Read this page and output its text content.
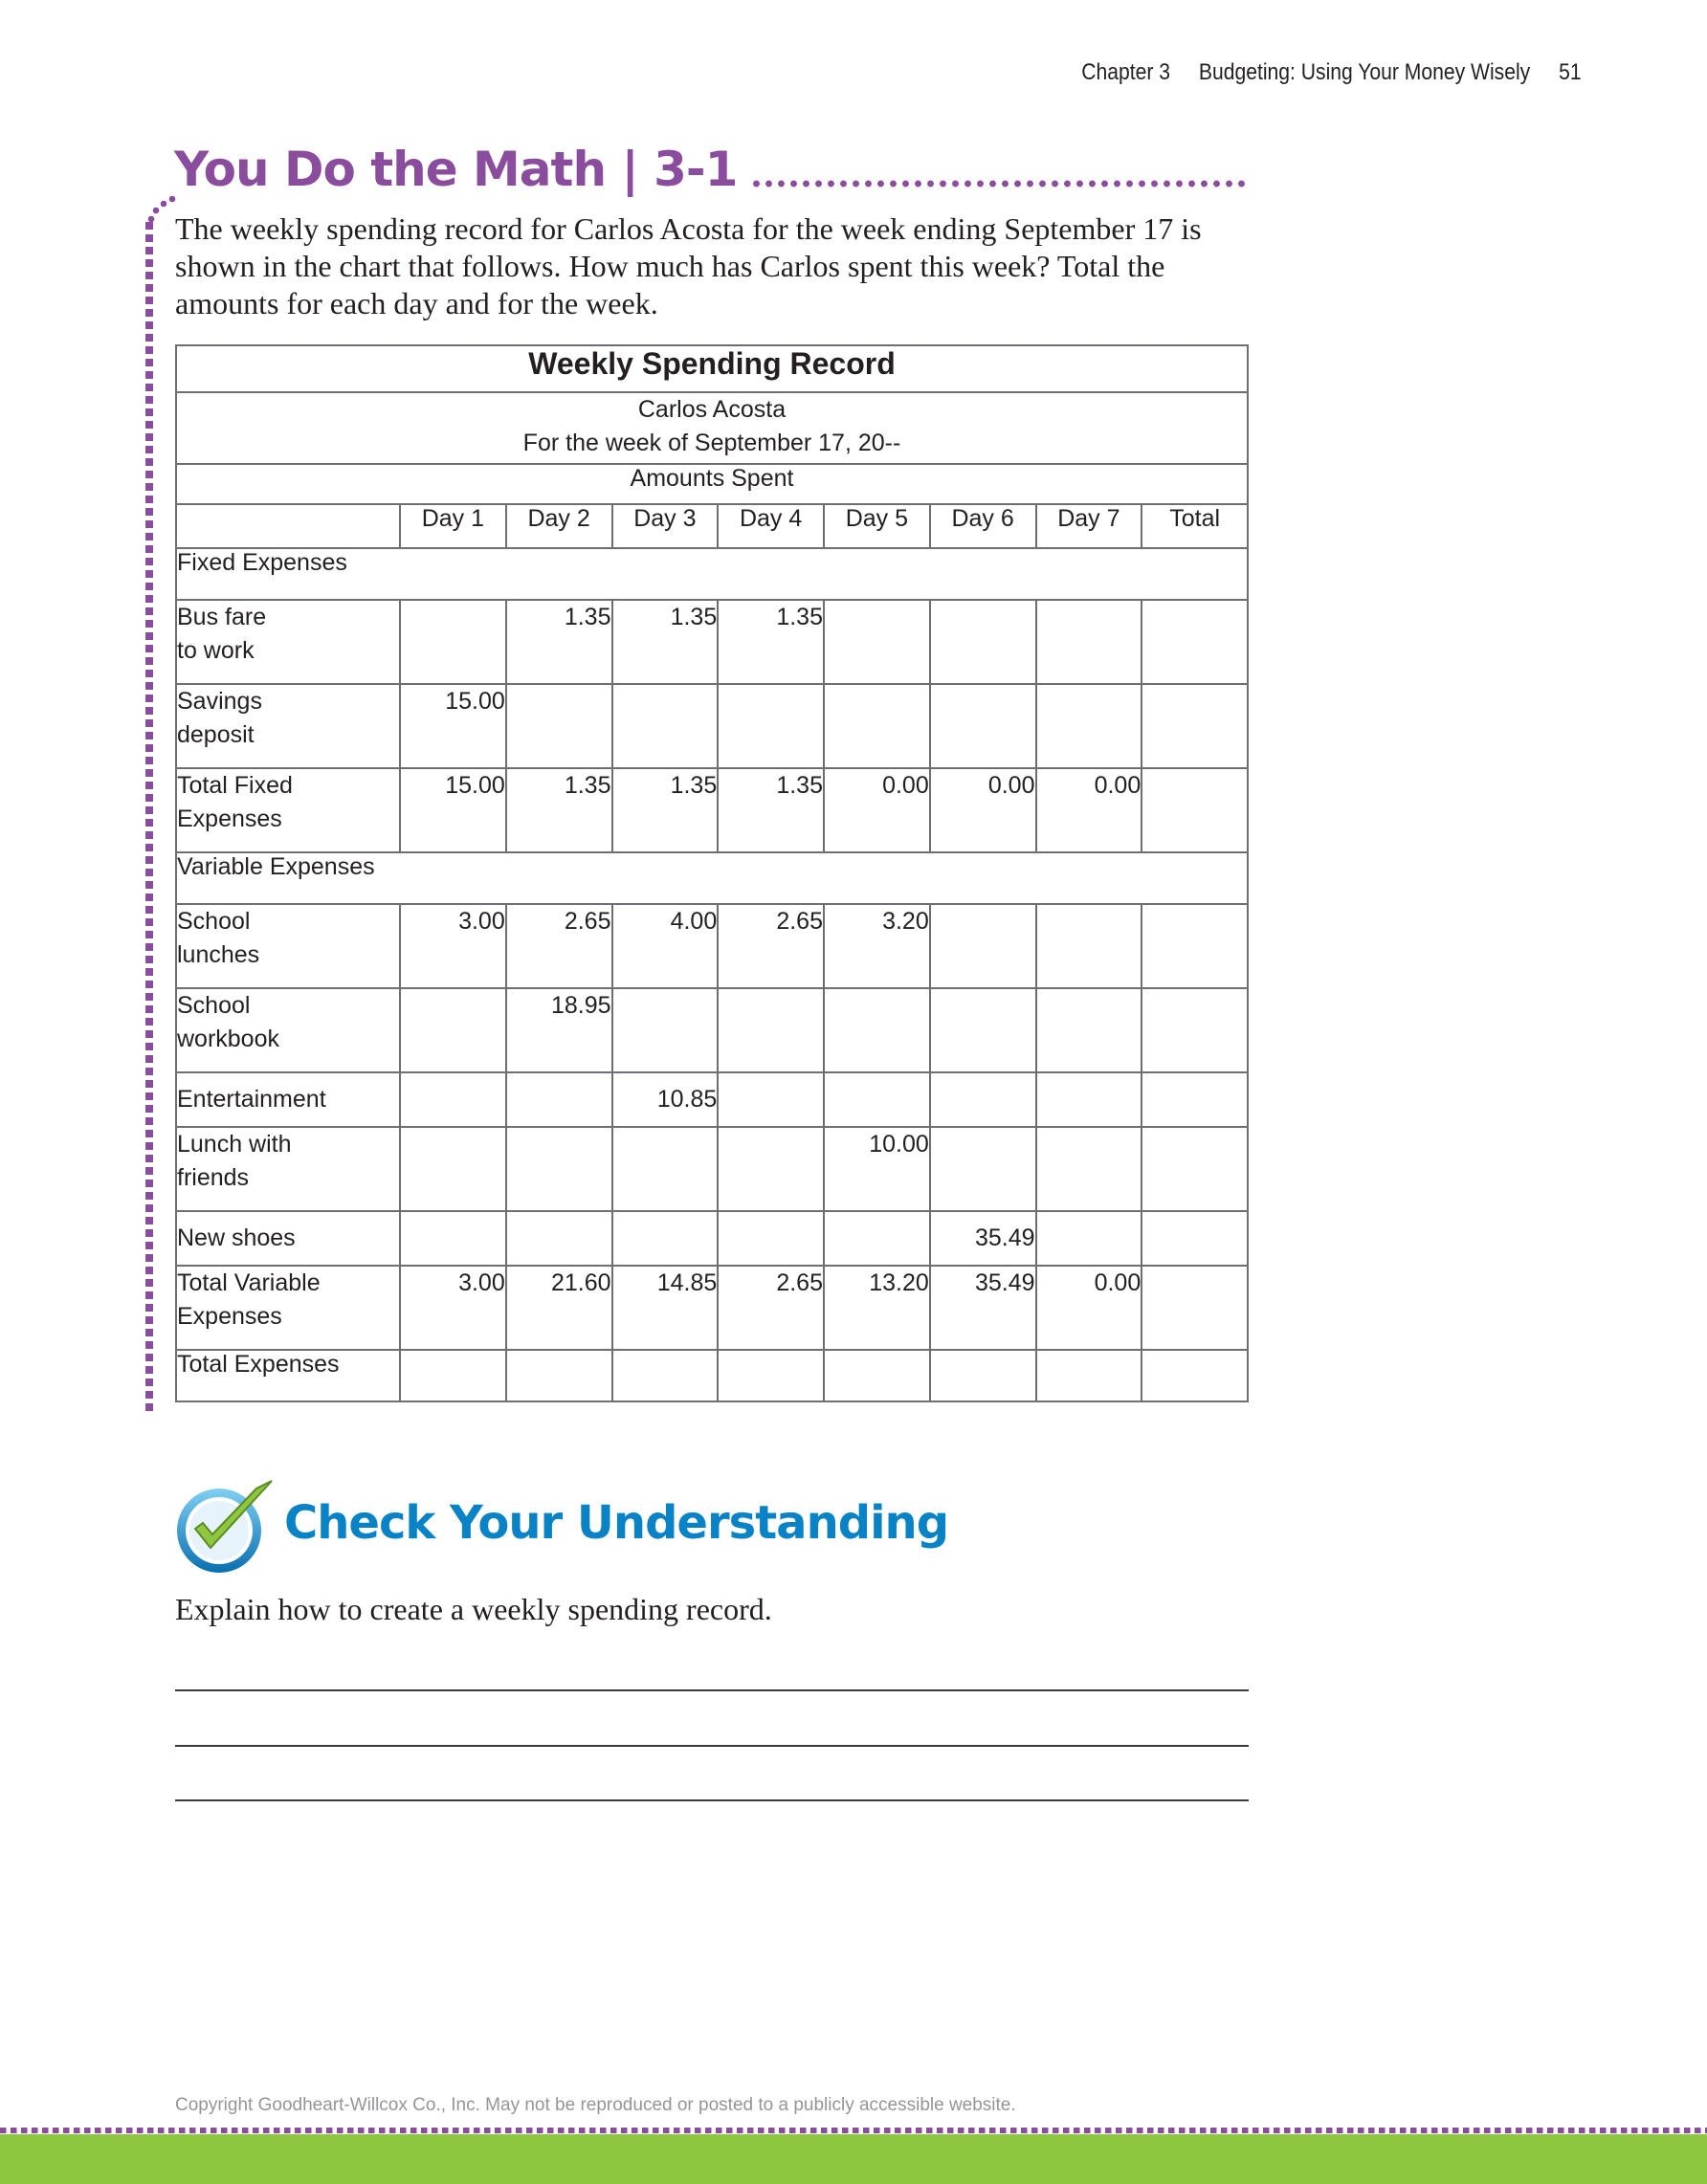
Chapter 3 Budgeting: Using Your Money Wisely 51
You Do the Math | 3-1
The weekly spending record for Carlos Acosta for the week ending September 17 is shown in the chart that follows. How much has Carlos spent this week? Total the amounts for each day and for the week.
Weekly Spending Record								

Carlos Acosta
For the week of September 17, 20--								

Amounts Spent								
	Day 1	Day 2	Day 3	Day 4	Day 5	Day 6	Day 7	Total
Fixed Expenses								

Bus fare
to work		1.35	1.35	1.35				

Savings
deposit	15.00							

Total Fixed
Expenses	15.00	1.35	1.35	1.35	0.00	0.00	0.00	
Variable Expenses								

School
lunches	3.00	2.65	4.00	2.65	3.20			

School
workbook		18.95						

Entertainment			10.85					

Lunch with
friends					10.00			

New shoes						35.49		

Total Variable
Expenses	3.00	21.60	14.85	2.65	13.20	35.49	0.00	
Total Expenses								
Check Your Understanding
Explain how to create a weekly spending record.
Copyright Goodheart-Willcox Co., Inc. May not be reproduced or posted to a publicly accessible website.
